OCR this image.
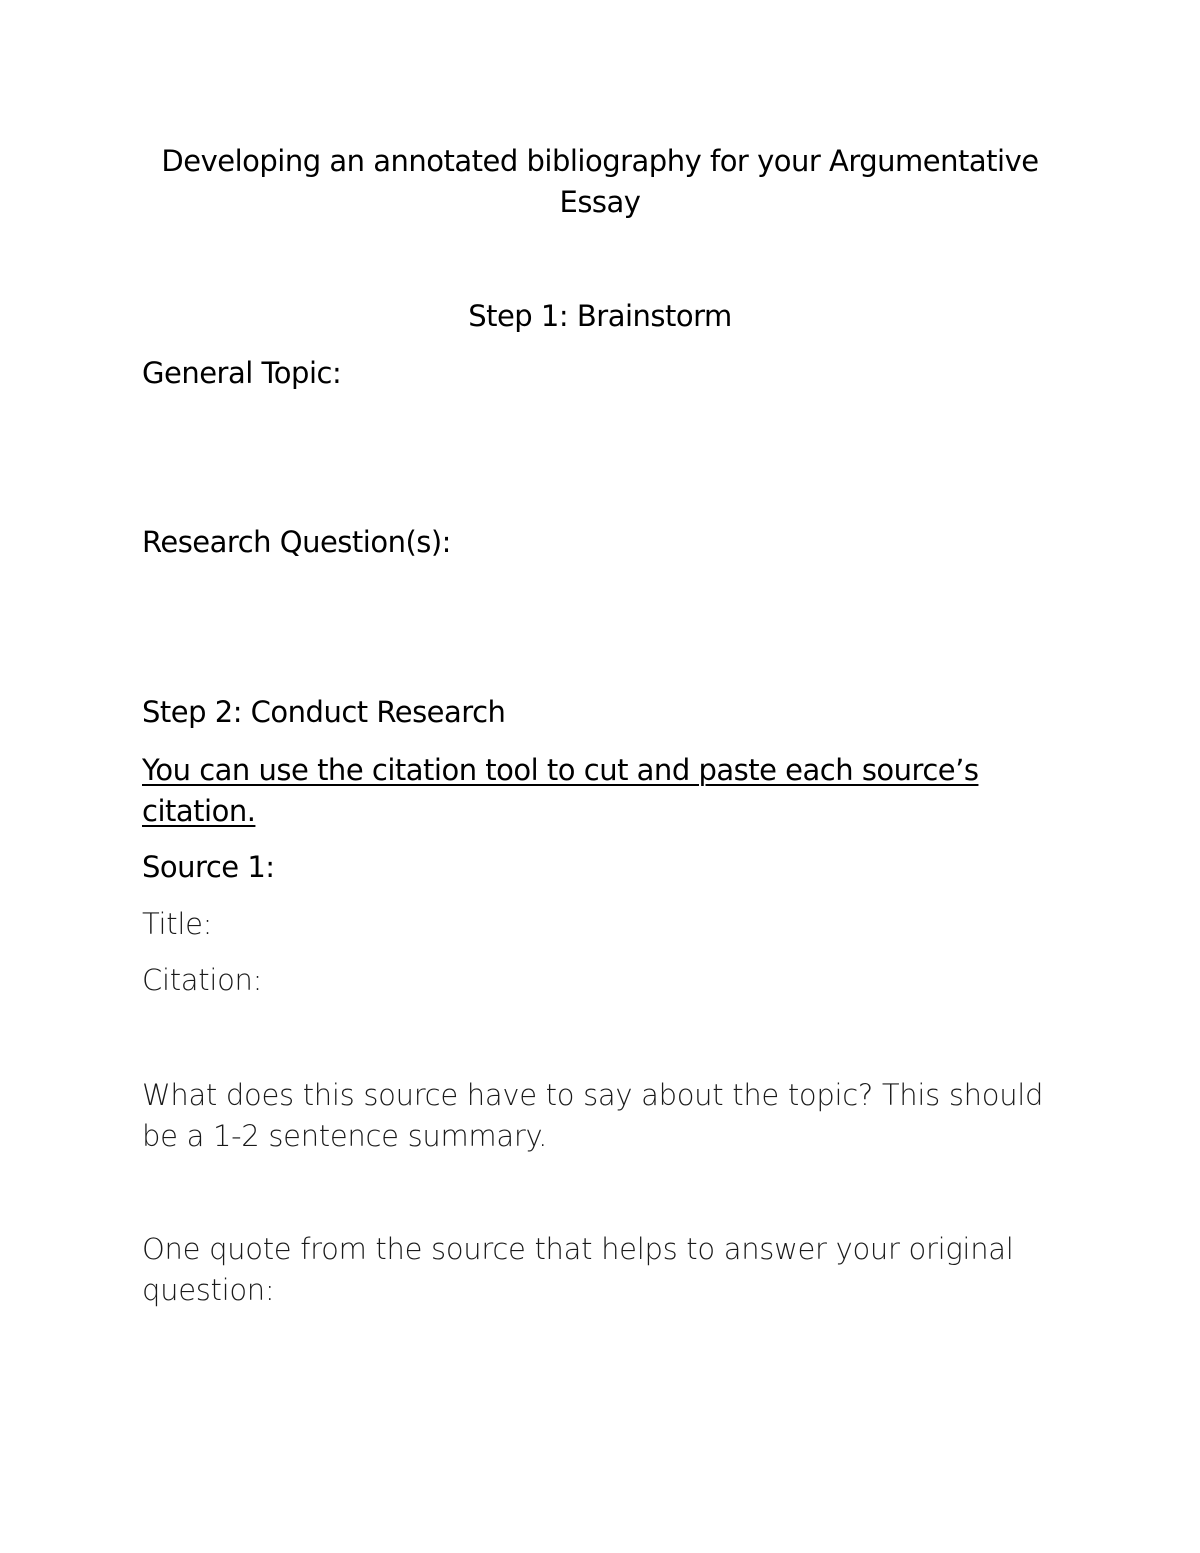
Developing an annotated bibliography for your Argumentative

Essay

Step 1: Brainstorm

General Topic:

Research Question(s):

Step 2: Conduct Research

You can use the citation tool to cut and paste each source’s

citation.

Source 1:

Title:

Citation:

What does this source have to say about the topic? This should

be a 1-2 sentence summary.

One quote from the source that helps to answer your original

question:
